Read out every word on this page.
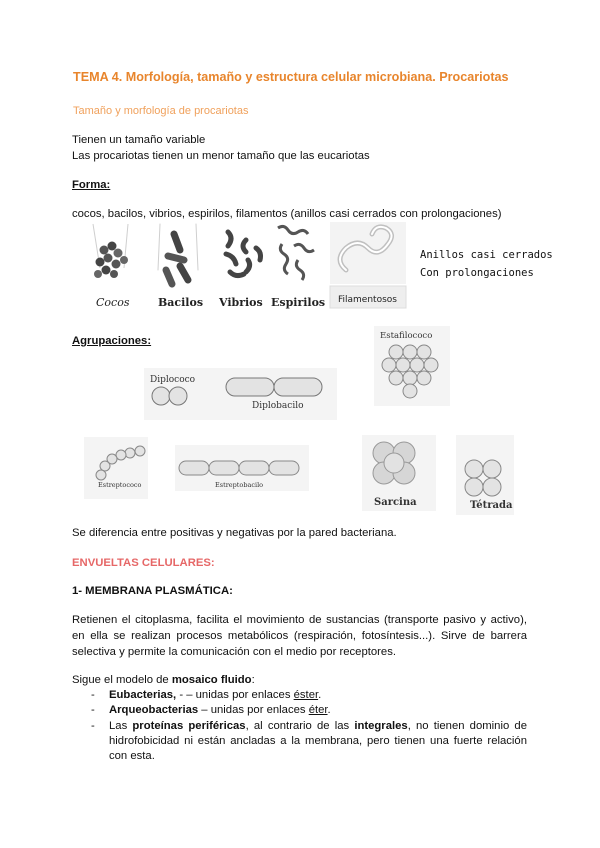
TEMA 4. Morfología, tamaño y estructura celular microbiana. Procariotas
Tamaño y morfología de procariotas
Tienen un tamaño variable
Las procariotas tienen un menor tamaño que las eucariotas
Forma:
cocos, bacilos, vibrios, espirilos, filamentos (anillos casi cerrados con prolongaciones)
Cocos	Bacilos Vibrios Espirilos Filamentosos
Anillos casi cerrados
Con prolongaciones
Agrupaciones:
Diplococo
Diplobacilo
Estafilococo
Estreptococo	Estreptobacilo
Sarcina	Tétrada
Se diferencia entre positivas y negativas por la pared bacteriana.
ENVUELTAS CELULARES:
1- MEMBRANA PLASMÁTICA:
Retienen el citoplasma, facilita el movimiento de sustancias (transporte pasivo y activo), en ella se realizan procesos metabólicos (respiración, fotosíntesis...). Sirve de barrera selectiva y permite la comunicación con el medio por receptores.
Sigue el modelo de mosaico fluido:
- Eubacterias, - – unidas por enlaces éster.
- Arqueobacterias – unidas por enlaces éter.
- Las proteínas periféricas, al contrario de las integrales, no tienen dominio de hidrofobicidad ni están ancladas a la membrana, pero tienen una fuerte relación con esta.
